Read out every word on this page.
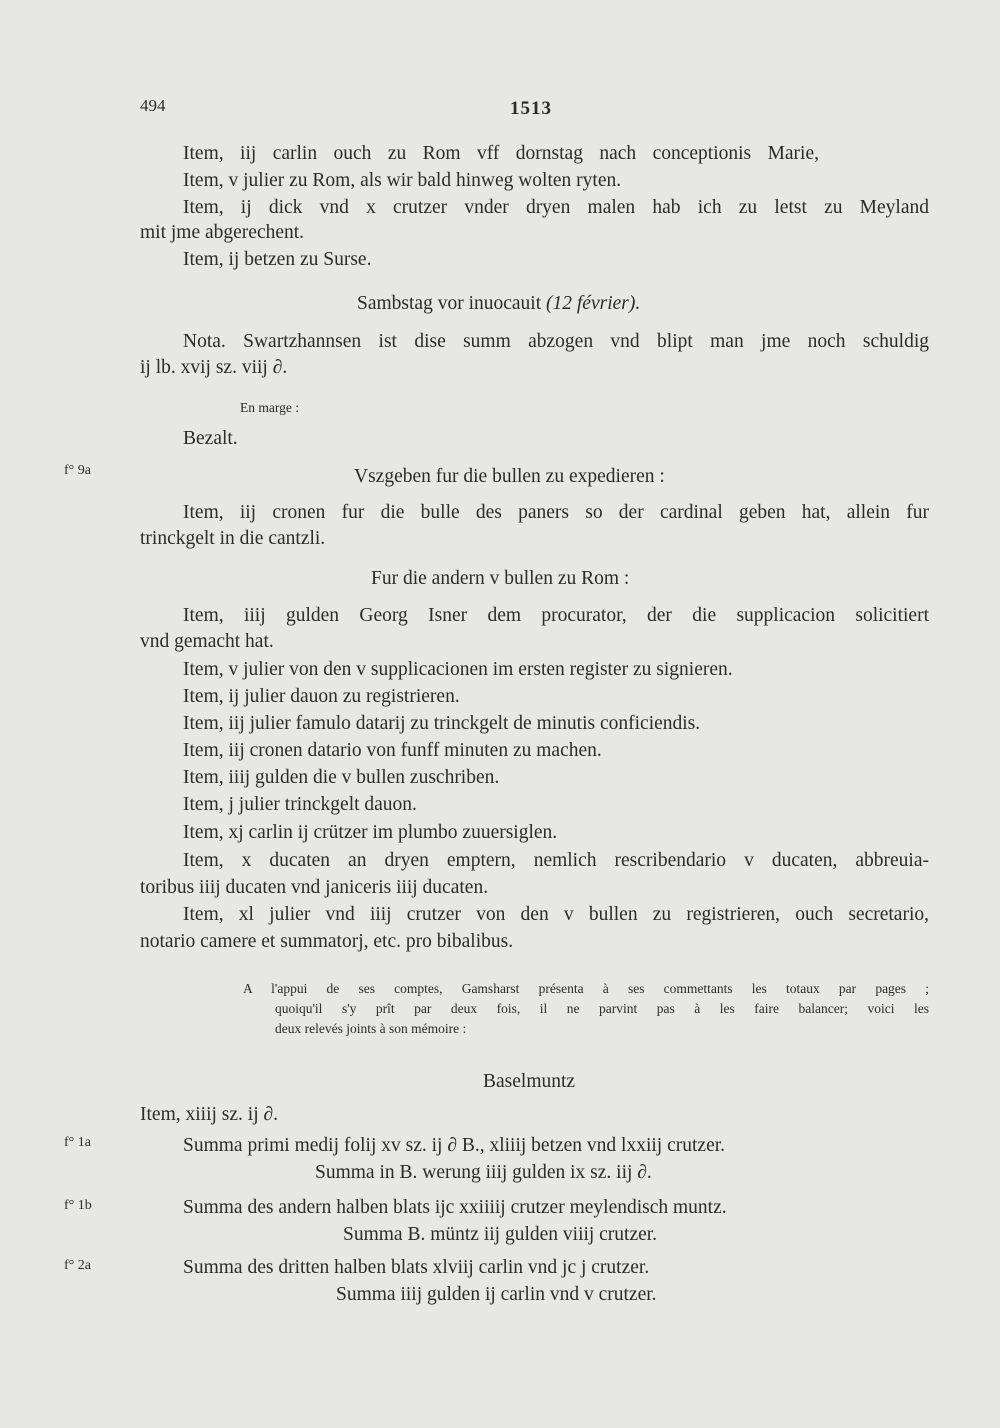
494	1513
Item, iij carlin ouch zu Rom vff dornstag nach conceptionis Marie,
Item, v julier zu Rom, als wir bald hinweg wolten ryten.
Item, ij dick vnd x crutzer vnder dryen malen hab ich zu letst zu Meyland
mit jme abgerechent.
Item, ij betzen zu Surse.
Sambstag vor inuocauit (12 février).
Nota. Swartzhannsen ist dise summ abzogen vnd blipt man jme noch schuldig
ij lb. xvij sz. viij ∂.
En marge :
Bezalt.
f° 9a	Vszgeben fur die bullen zu expedieren :
Item, iij cronen fur die bulle des paners so der cardinal geben hat, allein fur
trinckgelt in die cantzli.
Fur die andern v bullen zu Rom :
Item, iiij gulden Georg Isner dem procurator, der die supplicacion solicitiert
vnd gemacht hat.
Item, v julier von den v supplicacionen im ersten register zu signieren.
Item, ij julier dauon zu registrieren.
Item, iij julier famulo datarij zu trinckgelt de minutis conficiendis.
Item, iij cronen datario von funff minuten zu machen.
Item, iiij gulden die v bullen zuschriben.
Item, j julier trinckgelt dauon.
Item, xj carlin ij crützer im plumbo zuuersiglen.
Item, x ducaten an dryen emptern, nemlich rescribendario v ducaten, abbreuia-
toribus iiĳ ducaten vnd janiceris iiĳ ducaten.
Item, xl julier vnd iiĳ crutzer von den v bullen zu registrieren, ouch secretario,
notario camere et summatorj, etc. pro bibalibus.
A l'appui de ses comptes, Gamsharst présenta à ses commettants les totaux par pages ;
quoiqu'il s'y prît par deux fois, il ne parvint pas à les faire balancer; voici les
deux relevés joints à son mémoire :
Baselmuntz
Item, xiiij sz. ij ∂.
f° 1a	Summa primi medij folij xv sz. ij ∂ B., xliiij betzen vnd lxxiij crutzer.
Summa in B. werung iiij gulden ix sz. iij ∂.
f° 1b	Summa des andern halben blats ijc xxiiiĳ crutzer meylendisch muntz.
Summa B. müntz iij gulden viiĳ crutzer.
f° 2a	Summa des dritten halben blats xlviĳ carlin vnd jc j crutzer.
Summa iiij gulden ĳ carlin vnd v crutzer.
